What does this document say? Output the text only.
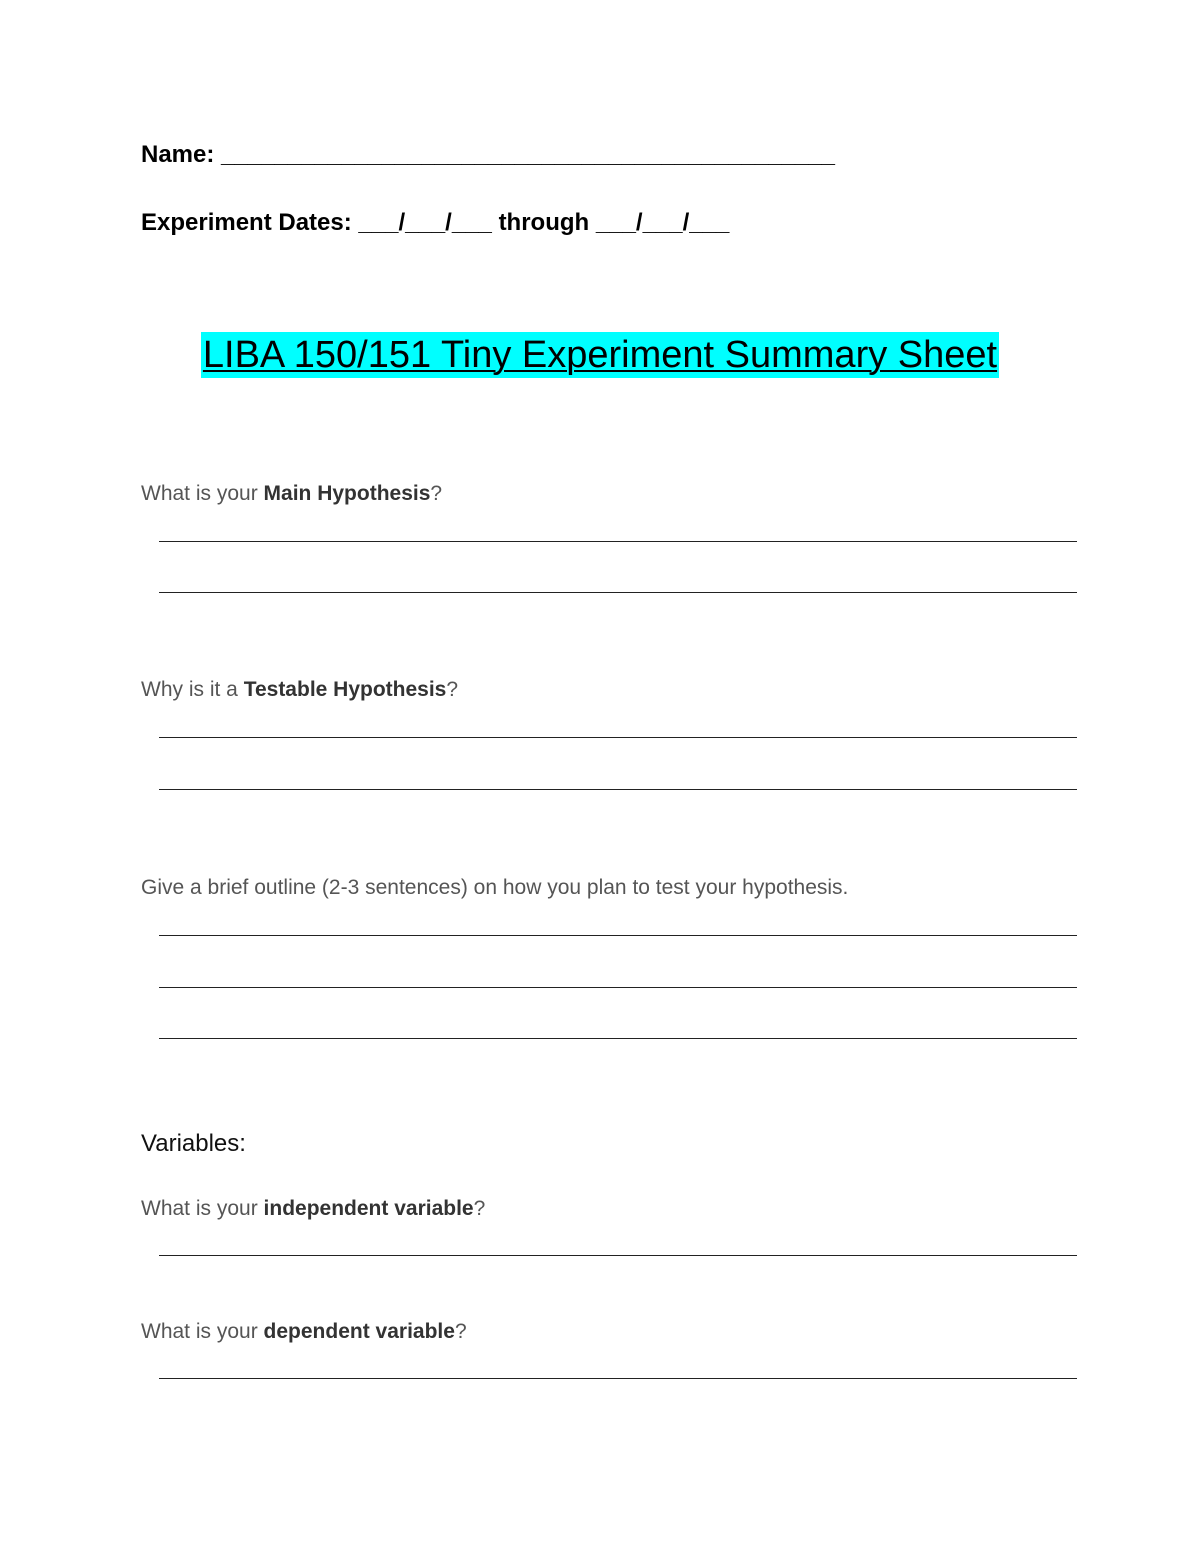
Name: ______________________________________________
Experiment Dates: ___/___/___ through ___/___/___
LIBA 150/151 Tiny Experiment Summary Sheet
What is your Main Hypothesis?
Why is it a Testable Hypothesis?
Give a brief outline (2-3 sentences) on how you plan to test your hypothesis.
Variables:
What is your independent variable?
What is your dependent variable?
